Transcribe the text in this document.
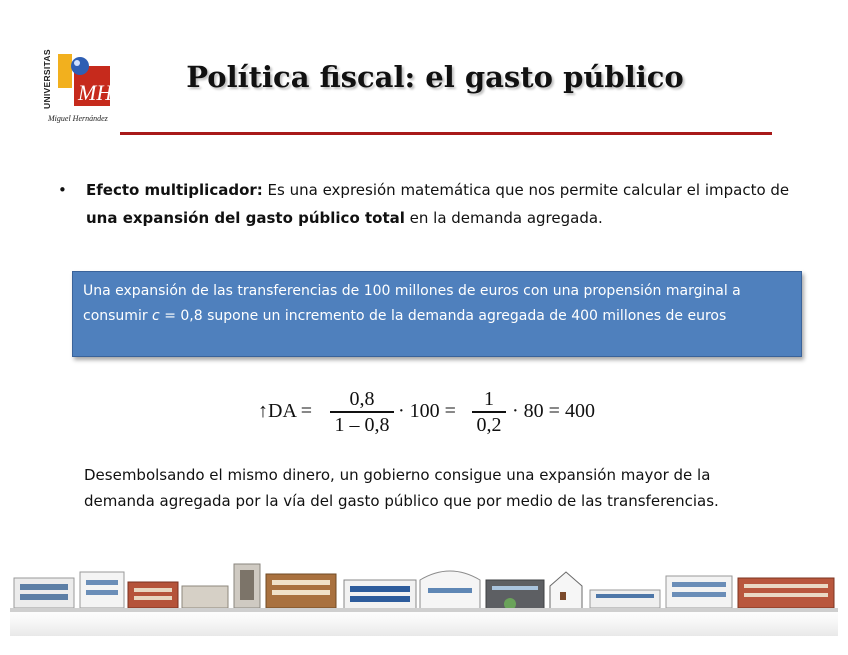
UNIVERSITAS MH
Miguel Hernández
Política fiscal: el gasto público
• Efecto multiplicador: Es una expresión matemática que nos permite calcular el impacto de una expansión del gasto público total en la demanda agregada.
Una expansión de las transferencias de 100 millones de euros con una propensión marginal a consumir c = 0,8 supone un incremento de la demanda agregada de 400 millones de euros
↑DA =
0,8
1 – 0,8
· 100 =
1
0,2
· 80 = 400
Desembolsando el mismo dinero, un gobierno consigue una expansión mayor de la demanda agregada por la vía del gasto público que por medio de las transferencias.
